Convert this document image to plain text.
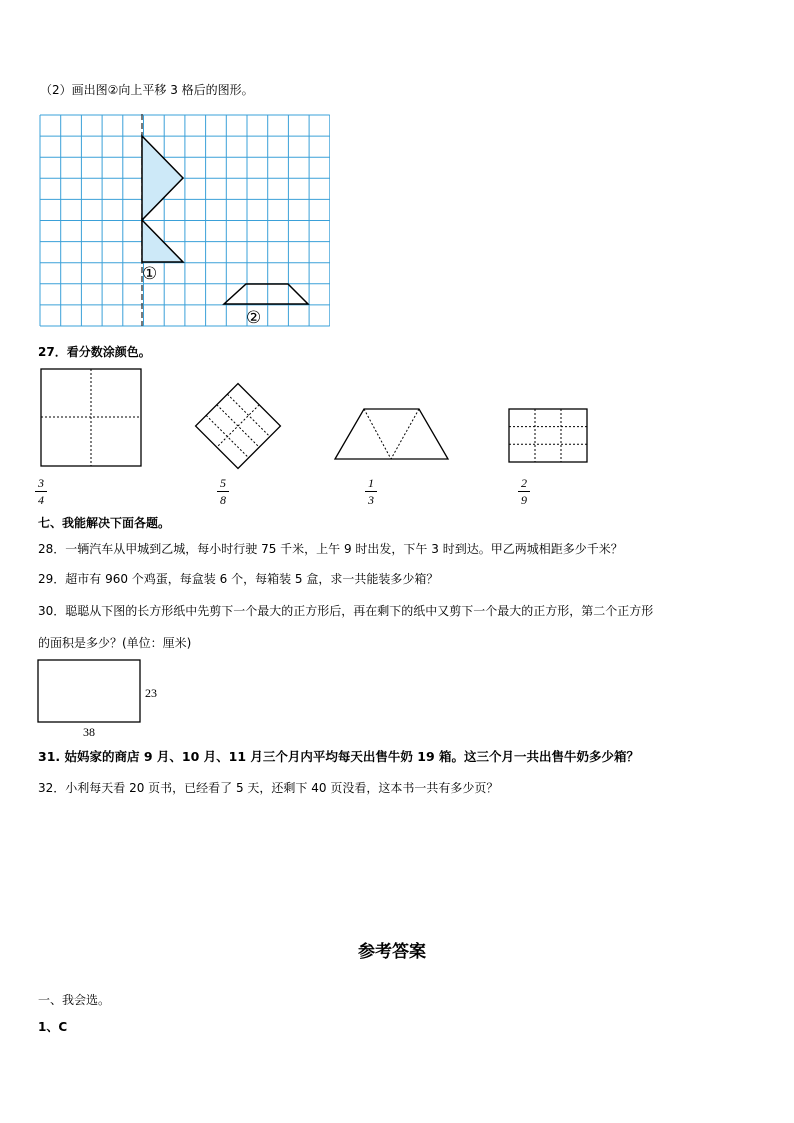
（2）画出图②向上平移 3 格后的图形。
①
②
27．看分数涂颜色。
3
4
5
8
1
3
2
9
七、我能解决下面各题。
28．一辆汽车从甲城到乙城，每小时行驶 75 千米，上午 9 时出发，下午 3 时到达。甲乙两城相距多少千米？
29．超市有 960 个鸡蛋，每盒装 6 个，每箱装 5 盒，求一共能装多少箱？
30．聪聪从下图的长方形纸中先剪下一个最大的正方形后，再在剩下的纸中又剪下一个最大的正方形，第二个正方形
的面积是多少？(单位：厘米)
23
38
31. 姑妈家的商店 9 月、10 月、11 月三个月内平均每天出售牛奶 19 箱。这三个月一共出售牛奶多少箱？
32．小利每天看 20 页书，已经看了 5 天，还剩下 40 页没看，这本书一共有多少页？
参考答案
一、我会选。
1、C
